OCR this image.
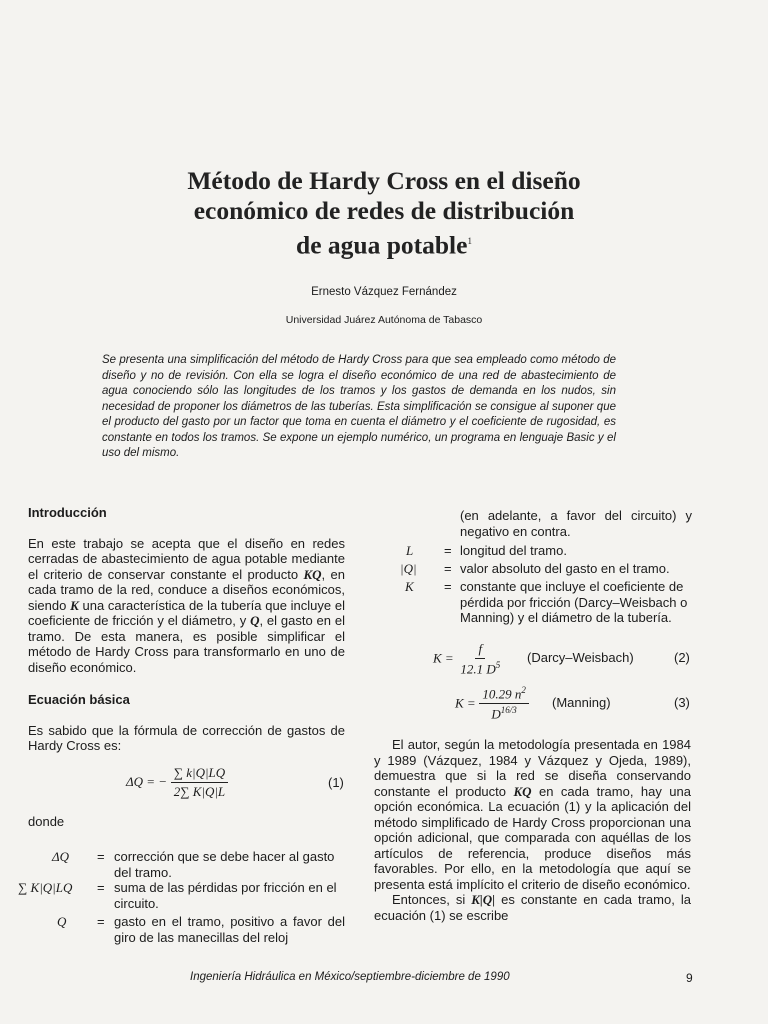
Método de Hardy Cross en el diseño
económico de redes de distribución
de agua potable$^1$
Ernesto Vázquez Fernández
Universidad Juárez Autónoma de Tabasco
Se presenta una simplificación del método de Hardy Cross para que sea empleado como método de diseño y no de revisión. Con ella se logra el diseño económico de una red de abastecimiento de agua conociendo sólo las longitudes de los tramos y los gastos de demanda en los nudos, sin necesidad de proponer los diámetros de las tuberías. Esta simplificación se consigue al suponer que el producto del gasto por un factor que toma en cuenta el diámetro y el coeficiente de rugosidad, es constante en todos los tramos. Se expone un ejemplo numérico, un programa en lenguaje Basic y el uso del mismo.
Introducción

En este trabajo se acepta que el diseño en redes cerradas de abastecimiento de agua potable mediante el criterio de conservar constante el producto KQ, en cada tramo de la red, conduce a diseños económicos, siendo K una característica de la tubería que incluye el coeficiente de fricción y el diámetro, y Q, el gasto en el tramo. De esta manera, es posible simplificar el método de Hardy Cross para transformarlo en uno de diseño económico.

Ecuación básica

Es sabido que la fórmula de corrección de gastos de Hardy Cross es:

ΔQ = − $\frac{\sum k|Q|LQ}{2\sum K|Q|L}$	(1)
donde
ΔQ = corrección que se debe hacer al gasto del tramo.
∑ K|Q|LQ = suma de las pérdidas por fricción en el circuito.
Q = gasto en el tramo, positivo a favor del giro de las manecillas del reloj
(en adelante, a favor del circuito) y negativo en contra.
L = longitud del tramo.
|Q| = valor absoluto del gasto en el tramo.
K = constante que incluye el coeficiente de pérdida por fricción (Darcy–Weisbach o Manning) y el diámetro de la tubería.
$K = \frac{f}{12.1 D^5}$ (Darcy–Weisbach)	(2)
$K = \frac{10.29 n^2}{D^{16/3}}$ (Manning)	(3)

El autor, según la metodología presentada en 1984 y 1989 (Vázquez, 1984 y Vázquez y Ojeda, 1989), demuestra que si la red se diseña conservando constante el producto KQ en cada tramo, hay una opción económica. La ecuación (1) y la aplicación del método simplificado de Hardy Cross proporcionan una opción adicional, que comparada con aquéllas de los artículos de referencia, produce diseños más favorables. Por ello, en la metodología que aquí se presenta está implícito el criterio de diseño económico.

Entonces, si K|Q| es constante en cada tramo, la ecuación (1) se escribe

Ingeniería Hidráulica en México/septiembre-diciembre de 1990	9
